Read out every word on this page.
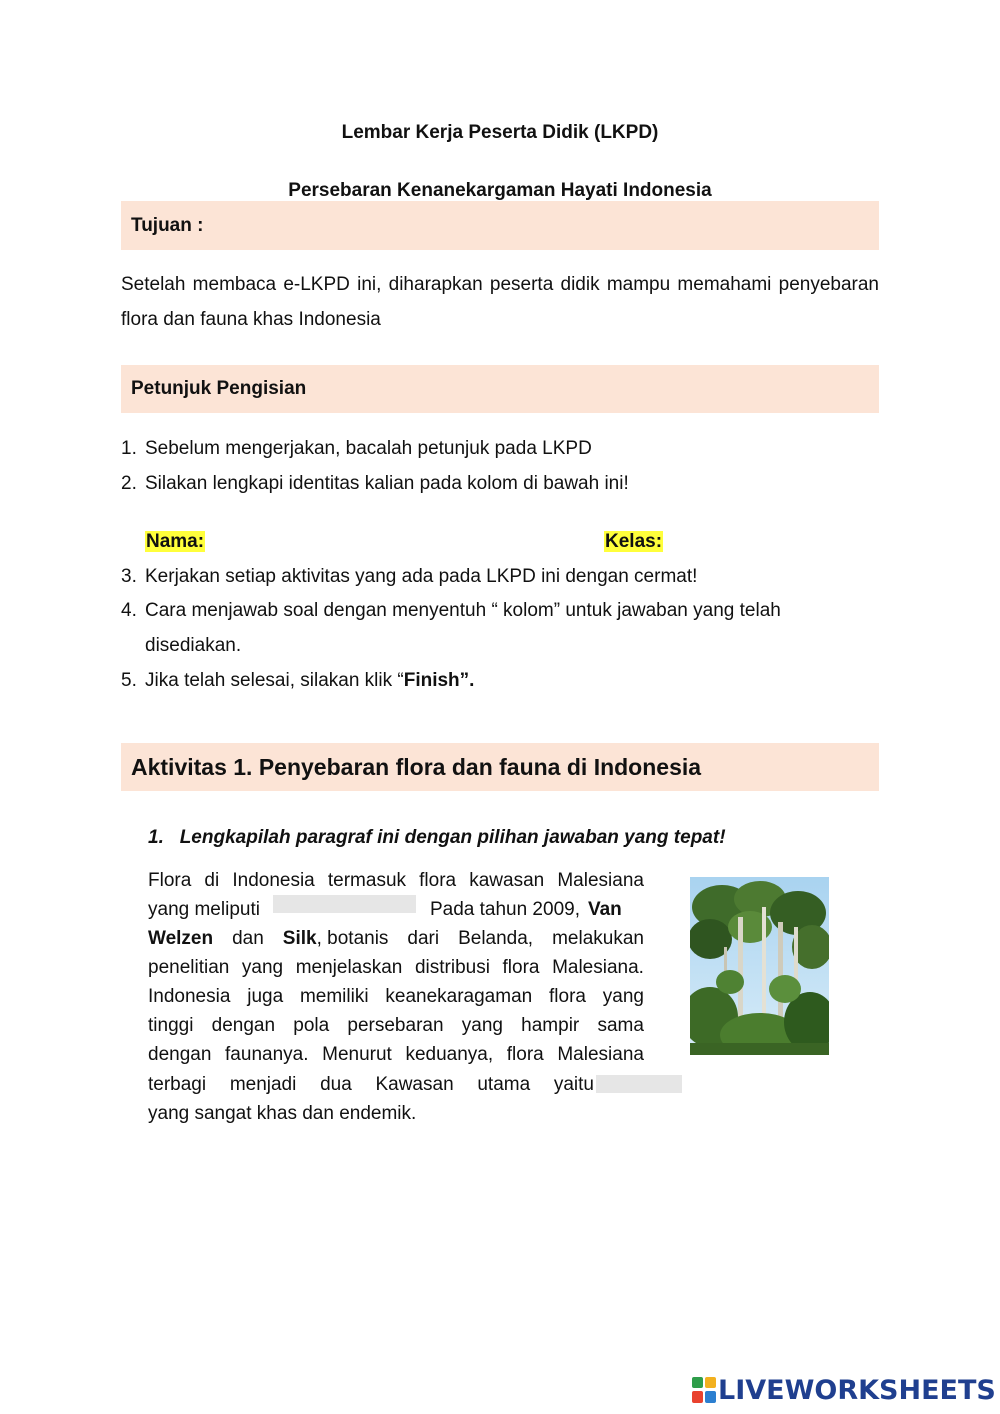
Lembar Kerja Peserta Didik (LKPD)
Persebaran Kenanekargaman Hayati Indonesia
Tujuan :
Setelah membaca e-LKPD ini, diharapkan peserta didik mampu memahami penyebaran flora dan fauna khas Indonesia
Petunjuk Pengisian
1. Sebelum mengerjakan, bacalah petunjuk pada LKPD
2. Silakan lengkapi identitas kalian pada kolom di bawah ini!
Nama:	Kelas:
3. Kerjakan setiap aktivitas yang ada pada LKPD ini dengan cermat!
4. Cara menjawab soal dengan menyentuh “ kolom” untuk jawaban yang telah
disediakan.
5. Jika telah selesai, silakan klik “Finish”.
Aktivitas 1. Penyebaran flora dan fauna di Indonesia
1. Lengkapilah paragraf ini dengan pilihan jawaban yang tepat!
Flora di Indonesia termasuk flora kawasan Malesiana
yang meliputi	Pada tahun 2009, Van
Welzen dan Silk, botanis dari Belanda, melakukan
penelitian yang menjelaskan distribusi flora Malesiana.
Indonesia juga memiliki keanekaragaman flora yang
tinggi dengan pola persebaran yang hampir sama
dengan faunanya. Menurut keduanya, flora Malesiana
terbagi menjadi dua Kawasan utama yaitu
yang sangat khas dan endemik.
LIVEWORKSHEETS
